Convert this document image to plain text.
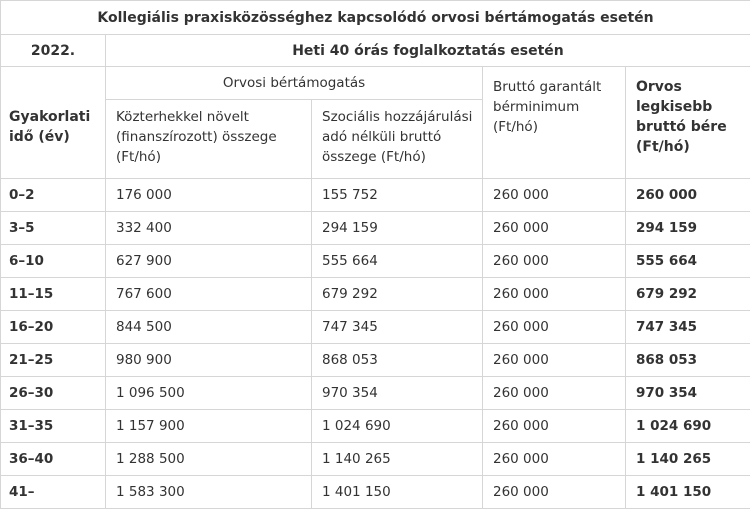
Kollegiális praxisközösséghez kapcsolódó orvosi bértámogatás esetén				
2022.	Heti 40 órás foglalkoztatás esetén			
Gyakorlati idő (év)	Orvosi bértámogatás		Bruttó garantált bérminimum (Ft/hó)	Orvos legkisebb bruttó bére (Ft/hó)
	Közterhekkel növelt (finanszírozott) összege (Ft/hó)	Szociális hozzájárulási adó nélküli bruttó összege (Ft/hó)		
0–2	176 000	155 752	260 000	260 000
3–5	332 400	294 159	260 000	294 159
6–10	627 900	555 664	260 000	555 664
11–15	767 600	679 292	260 000	679 292
16–20	844 500	747 345	260 000	747 345
21–25	980 900	868 053	260 000	868 053
26–30	1 096 500	970 354	260 000	970 354
31–35	1 157 900	1 024 690	260 000	1 024 690
36–40	1 288 500	1 140 265	260 000	1 140 265
41–	1 583 300	1 401 150	260 000	1 401 150
